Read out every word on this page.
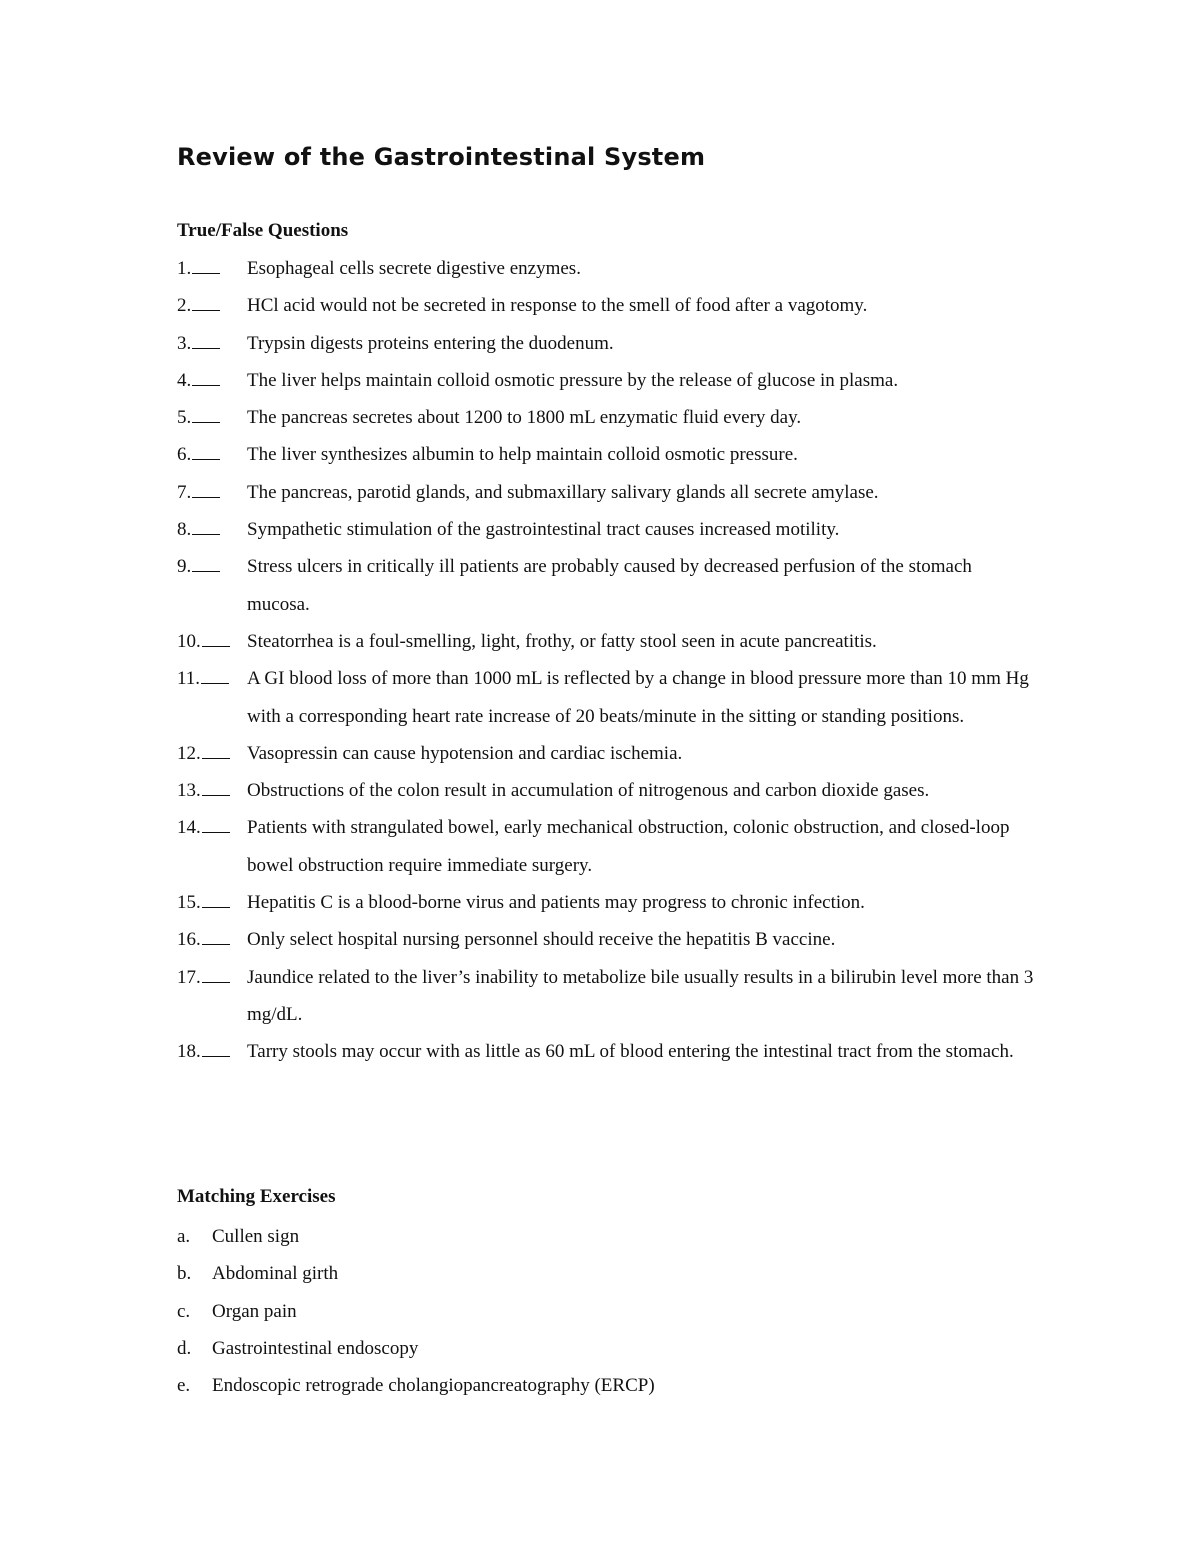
Review of the Gastrointestinal System
True/False Questions
1.	Esophageal cells secrete digestive enzymes.
2.	HCl acid would not be secreted in response to the smell of food after a vagotomy.
3.	Trypsin digests proteins entering the duodenum.
4.	The liver helps maintain colloid osmotic pressure by the release of glucose in plasma.
5.	The pancreas secretes about 1200 to 1800 mL enzymatic fluid every day.
6.	The liver synthesizes albumin to help maintain colloid osmotic pressure.
7.	The pancreas, parotid glands, and submaxillary salivary glands all secrete amylase.
8.	Sympathetic stimulation of the gastrointestinal tract causes increased motility.
9.	Stress ulcers in critically ill patients are probably caused by decreased perfusion of the stomach mucosa.
10.	Steatorrhea is a foul-smelling, light, frothy, or fatty stool seen in acute pancreatitis.
11.	A GI blood loss of more than 1000 mL is reflected by a change in blood pressure more than 10 mm Hg with a corresponding heart rate increase of 20 beats/minute in the sitting or standing positions.
12.	Vasopressin can cause hypotension and cardiac ischemia.
13.	Obstructions of the colon result in accumulation of nitrogenous and carbon dioxide gases.
14.	Patients with strangulated bowel, early mechanical obstruction, colonic obstruction, and closed-loop bowel obstruction require immediate surgery.
15.	Hepatitis C is a blood-borne virus and patients may progress to chronic infection.
16.	Only select hospital nursing personnel should receive the hepatitis B vaccine.
17.	Jaundice related to the liver’s inability to metabolize bile usually results in a bilirubin level more than 3 mg/dL.
18.	Tarry stools may occur with as little as 60 mL of blood entering the intestinal tract from the stomach.
Matching Exercises
a. Cullen sign
b. Abdominal girth
c. Organ pain
d. Gastrointestinal endoscopy
e. Endoscopic retrograde cholangiopancreatography (ERCP)
